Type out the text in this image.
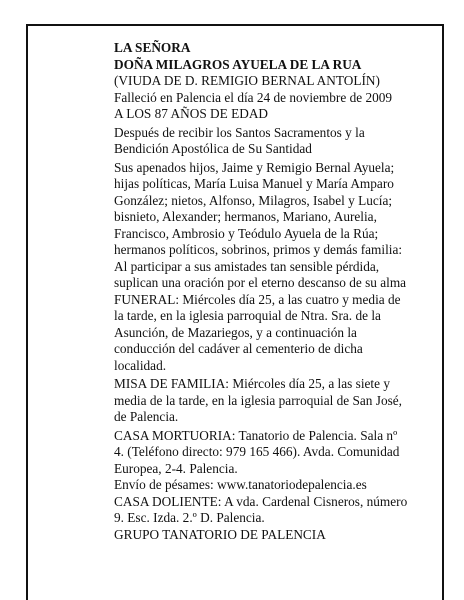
LA SEÑORA
DOÑA MILAGROS AYUELA DE LA RUA
(VIUDA DE D. REMIGIO BERNAL ANTOLÍN)
Falleció en Palencia el día 24 de noviembre de 2009
A LOS 87 AÑOS DE EDAD
Después de recibir los Santos Sacramentos y la
Bendición Apostólica de Su Santidad
Sus apenados hijos, Jaime y Remigio Bernal Ayuela;
hijas políticas, María Luisa Manuel y María Amparo
González; nietos, Alfonso, Milagros, Isabel y Lucía;
bisnieto, Alexander; hermanos, Mariano, Aurelia,
Francisco, Ambrosio y Teódulo Ayuela de la Rúa;
hermanos políticos, sobrinos, primos y demás familia:
Al participar a sus amistades tan sensible pérdida,
suplican una oración por el eterno descanso de su alma
FUNERAL: Miércoles día 25, a las cuatro y media de
la tarde, en la iglesia parroquial de Ntra. Sra. de la
Asunción, de Mazariegos, y a continuación la
conducción del cadáver al cementerio de dicha
localidad.
MISA DE FAMILIA: Miércoles día 25, a las siete y
media de la tarde, en la iglesia parroquial de San José,
de Palencia.
CASA MORTUORIA: Tanatorio de Palencia. Sala nº
4. (Teléfono directo: 979 165 466). Avda. Comunidad
Europea, 2-4. Palencia.
Envío de pésames: www.tanatoriodepalencia.es
CASA DOLIENTE: A vda. Cardenal Cisneros, número
9. Esc. Izda. 2.º D. Palencia.
GRUPO TANATORIO DE PALENCIA
